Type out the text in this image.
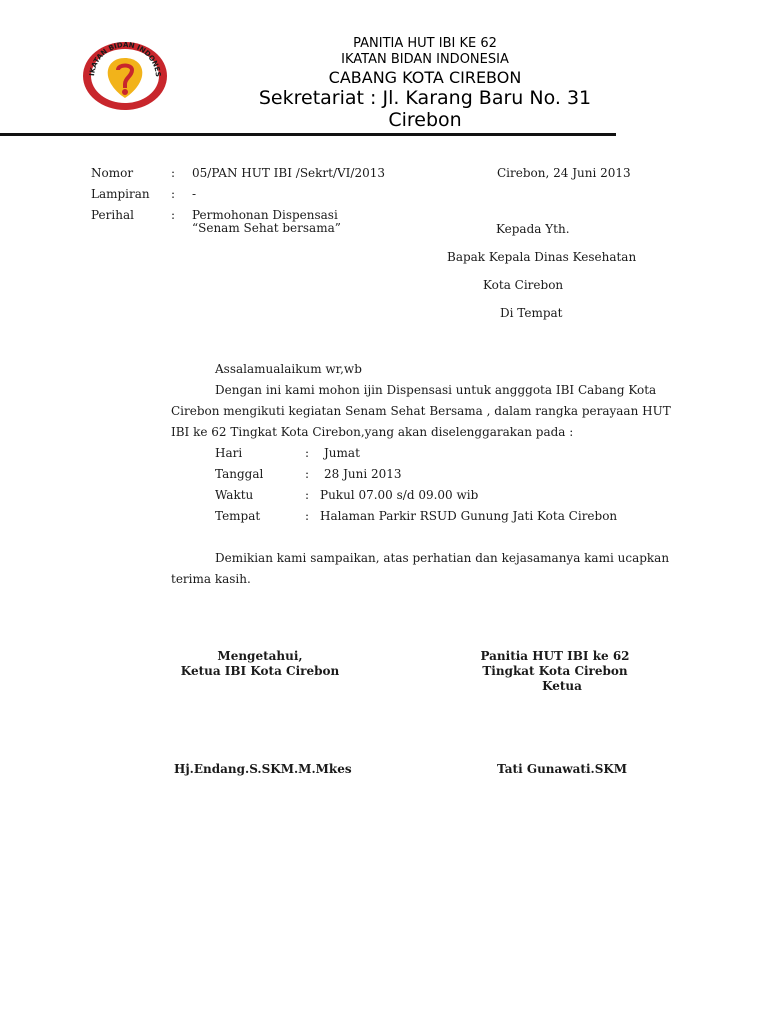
IKATAN BIDAN INDONES
PANITIA HUT IBI KE 62
IKATAN BIDAN INDONESIA
CABANG KOTA CIREBON
Sekretariat : Jl. Karang Baru No. 31
Cirebon
Nomor	: 05/PAN HUT IBI /Sekrt/VI/2013	Cirebon, 24 Juni 2013
Lampiran : -
Perihal	: Permohonan Dispensasi
“Senam Sehat bersama”	Kepada Yth.
Bapak Kepala Dinas Kesehatan
Kota Cirebon
Di Tempat
Assalamualaikum wr,wb
Dengan ini kami mohon ijin Dispensasi untuk angggota IBI Cabang Kota
Cirebon mengikuti kegiatan Senam Sehat Bersama , dalam rangka perayaan HUT
IBI ke 62 Tingkat Kota Cirebon,yang akan diselenggarakan pada :
Hari	: Jumat
Tanggal	: 28 Juni 2013
Waktu	: Pukul 07.00 s/d 09.00 wib
Tempat	: Halaman Parkir RSUD Gunung Jati Kota Cirebon
Demikian kami sampaikan, atas perhatian dan kejasamanya kami ucapkan
terima kasih.
Mengetahui,
Ketua IBI Kota Cirebon
Hj.Endang.S.SKM.M.Mkes
Panitia HUT IBI ke 62
Tingkat Kota Cirebon
Ketua
Tati Gunawati.SKM
